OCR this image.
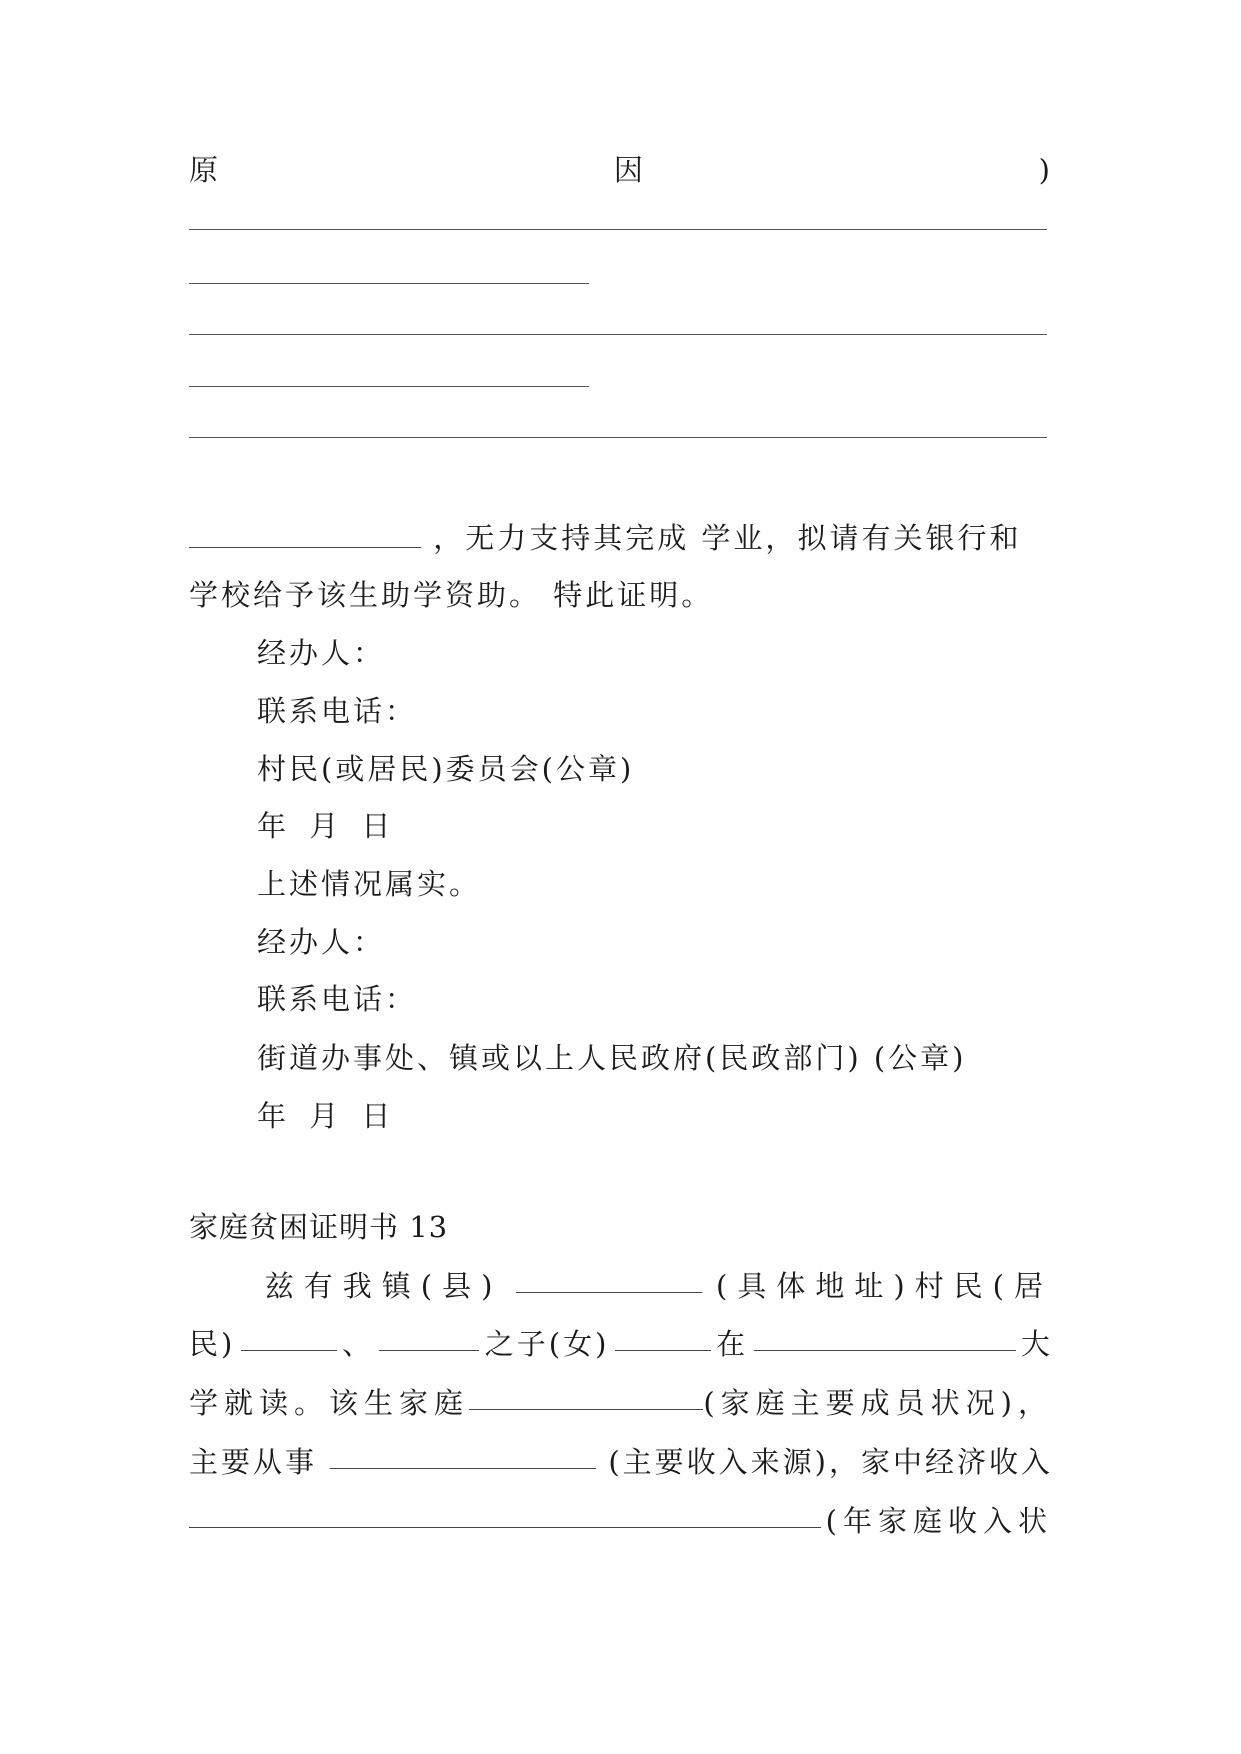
原	因	)
，无力支持其完成 学业，拟请有关银行和
学校给予该生助学资助。 特此证明。
经办人：
联系电话：
村民(或居民)委员会(公章)
年 月 日
上述情况属实。
经办人：
联系电话：
街道办事处、镇或以上人民政府(民政部门) (公章)
年 月 日
家庭贫困证明书 13
兹有我镇(县)	(具体地址)村民(居
民)	、	之子(女)	在	大
学就读。该生家庭	(家庭主要成员状况)，
主要从事	(主要收入来源)，家中经济收入
(年家庭收入状
